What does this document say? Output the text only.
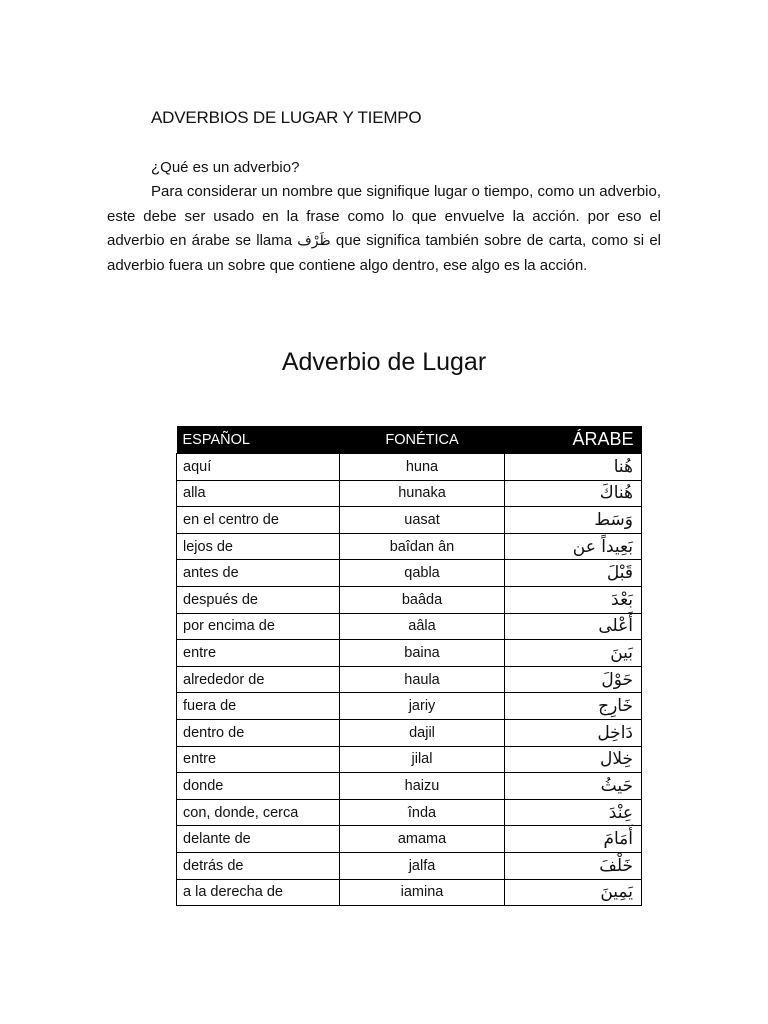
ADVERBIOS DE LUGAR Y TIEMPO
¿Qué es un adverbio?
Para considerar un nombre que signifique lugar o tiempo, como un adverbio, este debe ser usado en la frase como lo que envuelve la acción. por eso el adverbio en árabe se llama ظَرْف que significa también sobre de carta, como si el adverbio fuera un sobre que contiene algo dentro, ese algo es la acción.
Adverbio de Lugar
ESPAÑOL	FONÉTICA	ÁRABE
aquí	huna	هُنا
alla	hunaka	هُناكَ
en el centro de	uasat	وَسَط
lejos de	baîdan ân	بَعِيداً عن
antes de	qabla	قَبْلَ
después de	baâda	بَعْدَ
por encima de	aâla	أَعْلى
entre	baina	بَينَ
alrededor de	haula	حَوْلَ
fuera de	jariy	خَارِج
dentro de	dajil	دَاخِل
entre	jilal	خِلال
donde	haizu	حَيثُ
con, donde, cerca	înda	عِنْدَ
delante de	amama	أَمَامَ
detrás de	jalfa	خَلْفَ
a la derecha de	iamina	يَمِينَ
